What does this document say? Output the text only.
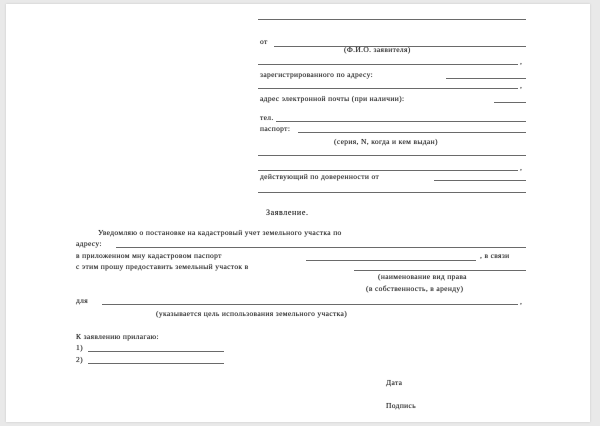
от
(Ф.И.О. заявителя)
,
зарегистрированного по адресу:
,
адрес электронной почты (при наличии):
тел.
паспорт:
(серия, N, когда и кем выдан)
,
действующий по доверенности от
Заявление.
Уведомляю о постановке на кадастровый учет земельного участка по
адресу:
в приложенном мну кадастровом паспорт	, в связи
с этим прошу предоставить земельный участок в
(наименование вид права
(в собственность, в аренду)
для	,
(указывается цель использования земельного участка)
К заявлению прилагаю:
1)
2)
Дата
Подпись
